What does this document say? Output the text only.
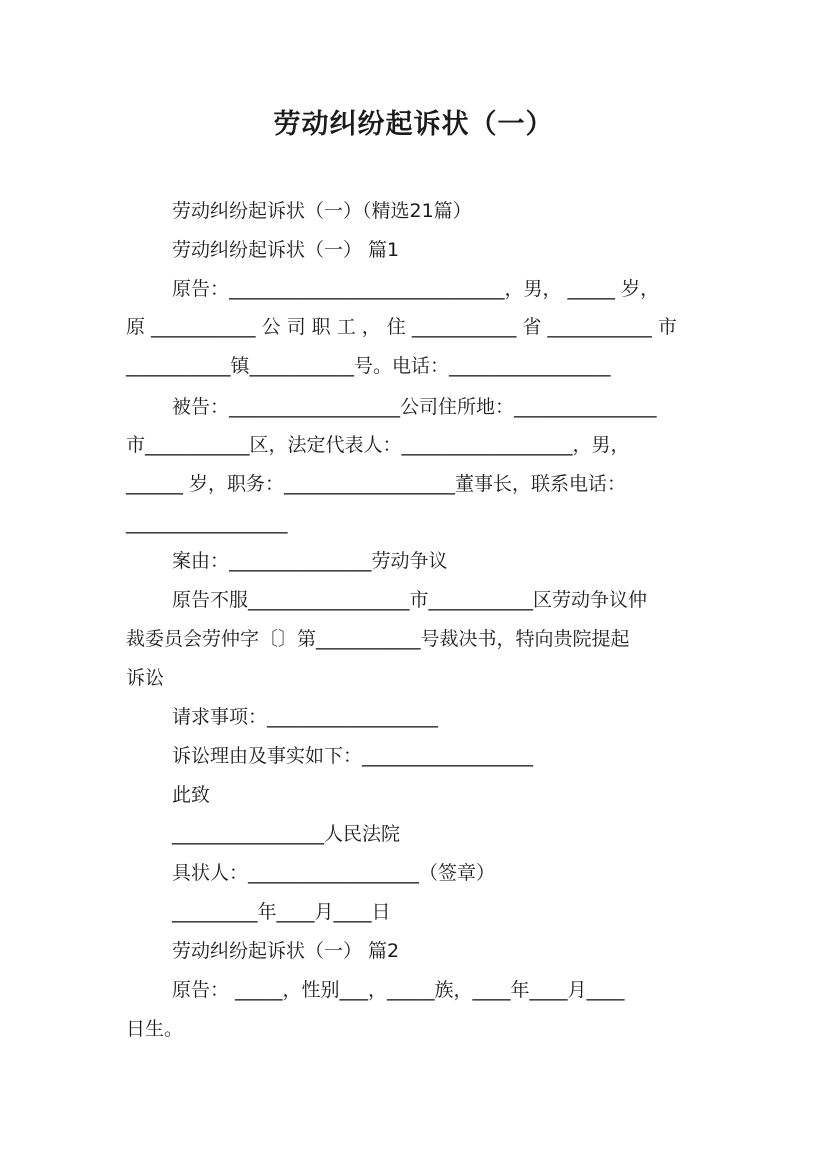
劳动纠纷起诉状（一）
劳动纠纷起诉状（一）（精选21篇）
劳动纠纷起诉状（一） 篇1
原告：_____________________________，男， _____ 岁，
原 ___________ 公 司 职 工 ， 住 ___________ 省 ___________ 市
___________镇___________号。电话：_________________
被告：__________________公司住所地：_______________
市___________区，法定代表人：__________________，男，
______ 岁，职务：__________________董事长，联系电话：
_________________
案由：_______________劳动争议
原告不服_________________市___________区劳动争议仲
裁委员会劳仲字〔〕第___________号裁决书，特向贵院提起
诉讼
请求事项：__________________
诉讼理由及事实如下：__________________
此致
________________人民法院
具状人：__________________（签章）
_________年____月____日
劳动纠纷起诉状（一） 篇2
原告： _____，性别___，_____族，____年____月____
日生。
